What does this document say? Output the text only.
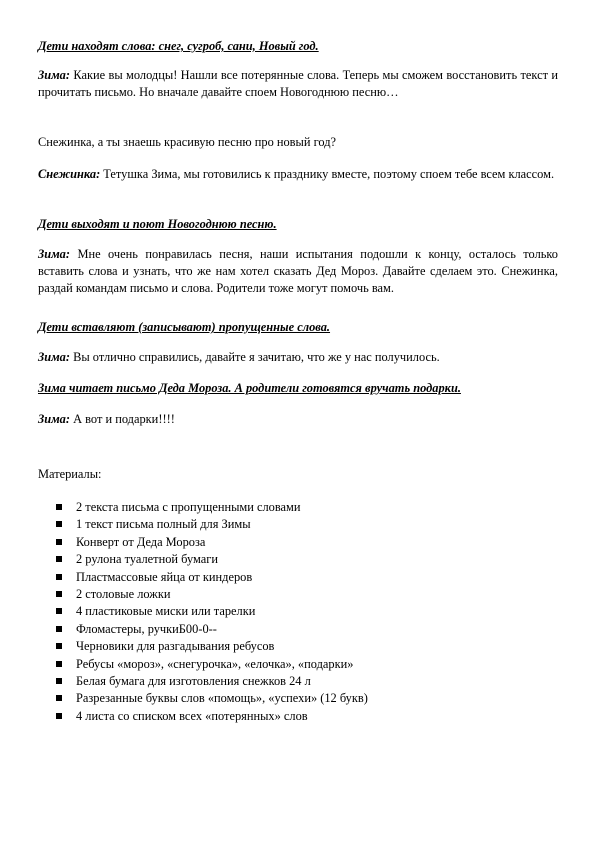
Дети находят слова: снег, сугроб, сани, Новый год.

Зима: Какие вы молодцы! Нашли все потерянные слова. Теперь мы сможем восстановить текст и прочитать письмо. Но вначале давайте споем Новогоднюю песню…

Снежинка, а ты знаешь красивую песню про новый год?

Снежинка: Тетушка Зима, мы готовились к празднику вместе, поэтому споем тебе всем классом.

Дети выходят и поют Новогоднюю песню.

Зима: Мне очень понравилась песня, наши испытания подошли к концу, осталось только вставить слова и узнать, что же нам хотел сказать Дед Мороз. Давайте сделаем это. Снежинка, раздай командам письмо и слова. Родители тоже могут помочь вам.

Дети вставляют (записывают) пропущенные слова.

Зима: Вы отлично справились, давайте я зачитаю, что же у нас получилось.

Зима читает письмо Деда Мороза. А родители готовятся вручать подарки.

Зима: А вот и подарки!!!!

Материалы:

2 текста письма с пропущенными словами
1 текст письма полный для Зимы
Конверт от Деда Мороза
2 рулона туалетной бумаги
Пластмассовые яйца от киндеров
2 столовые ложки
4 пластиковые миски или тарелки
Фломастеры, ручкиБ00-0--
Черновики для разгадывания ребусов
Ребусы «мороз», «снегурочка», «елочка», «подарки»
Белая бумага для изготовления снежков 24 л
Разрезанные буквы слов «помощь», «успехи» (12 букв)
4 листа со списком всех «потерянных» слов
